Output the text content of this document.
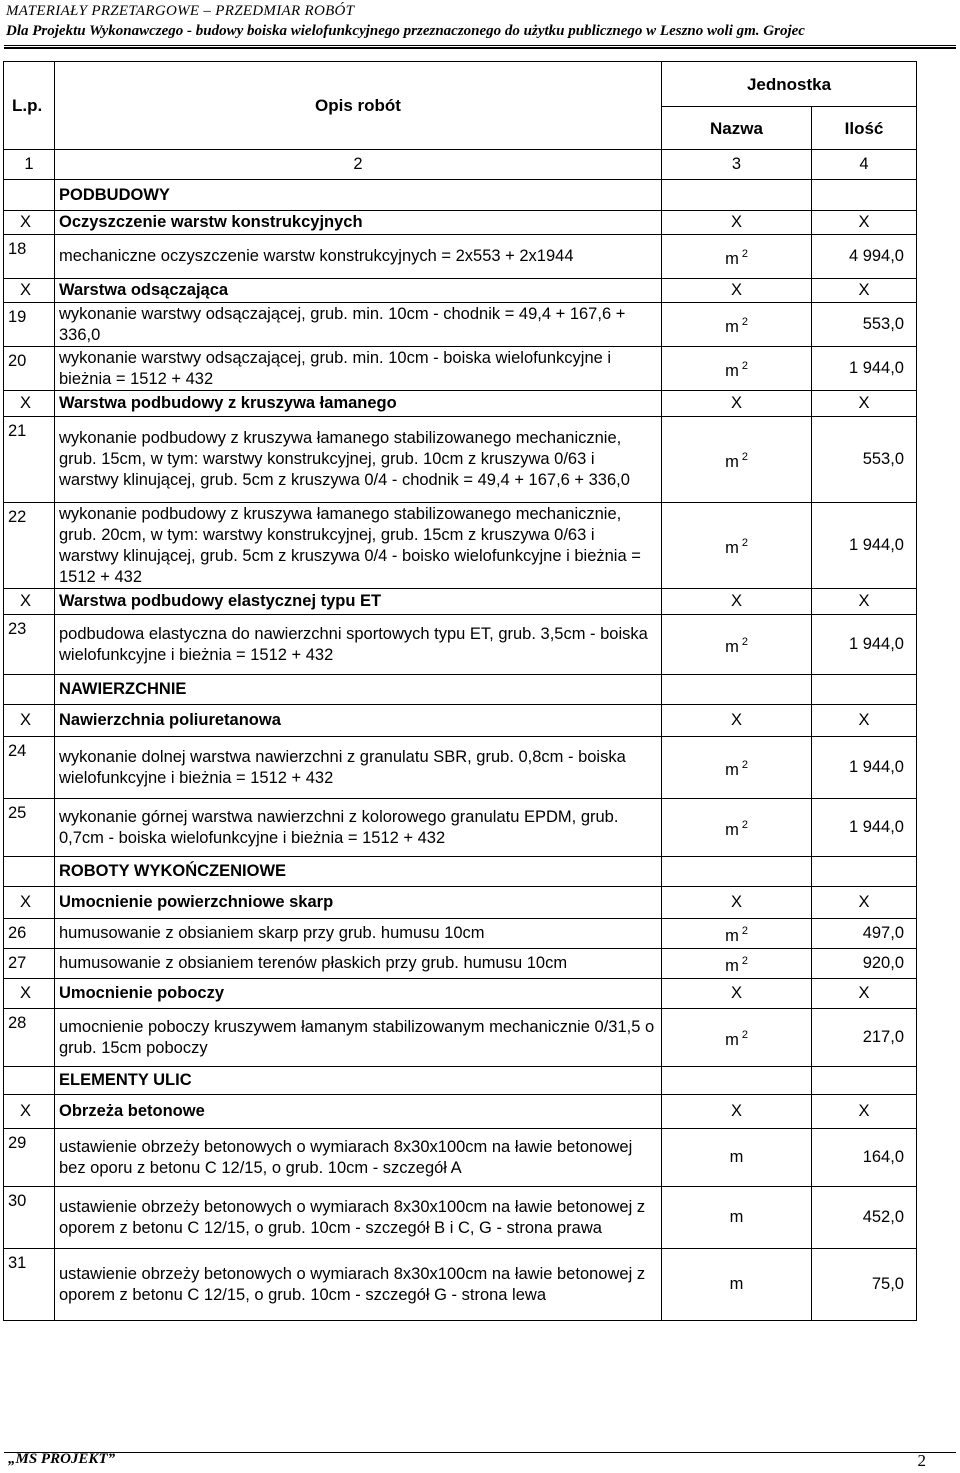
MATERIAŁY PRZETARGOWE – PRZEDMIAR ROBÓT
Dla Projektu Wykonawczego - budowy boiska wielofunkcyjnego przeznaczonego do użytku publicznego w Leszno woli gm. Grojec
L.p.	Opis robót	Jednostka	
		Nazwa	Ilość
1	2	3	4
	PODBUDOWY		
X	Oczyszczenie warstw konstrukcyjnych	X	X
18	mechaniczne oczyszczenie warstw konstrukcyjnych = 2x553 + 2x1944	m $^2$	4 994,0
X	Warstwa odsączająca	X	X
19	wykonanie warstwy odsączającej, grub. min. 10cm - chodnik = 49,4 + 167,6 + 336,0	m $^2$	553,0
20	wykonanie warstwy odsączającej, grub. min. 10cm - boiska wielofunkcyjne i bieżnia = 1512 + 432	m $^2$	1 944,0
X	Warstwa podbudowy z kruszywa łamanego	X	X
21	wykonanie podbudowy z kruszywa łamanego stabilizowanego mechanicznie, grub. 15cm, w tym: warstwy konstrukcyjnej, grub. 10cm z kruszywa 0/63 i warstwy klinującej, grub. 5cm z kruszywa 0/4 - chodnik = 49,4 + 167,6 + 336,0	m $^2$	553,0
22	wykonanie podbudowy z kruszywa łamanego stabilizowanego mechanicznie, grub. 20cm, w tym: warstwy konstrukcyjnej, grub. 15cm z kruszywa 0/63 i warstwy klinującej, grub. 5cm z kruszywa 0/4 - boisko wielofunkcyjne i bieżnia = 1512 + 432	m $^2$	1 944,0
X	Warstwa podbudowy elastycznej typu ET	X	X
23	podbudowa elastyczna do nawierzchni sportowych typu ET, grub. 3,5cm - boiska wielofunkcyjne i bieżnia = 1512 + 432	m $^2$	1 944,0
	NAWIERZCHNIE		
X	Nawierzchnia poliuretanowa	X	X
24	wykonanie dolnej warstwa nawierzchni z granulatu SBR, grub. 0,8cm - boiska wielofunkcyjne i bieżnia = 1512 + 432	m $^2$	1 944,0
25	wykonanie górnej warstwa nawierzchni z kolorowego granulatu EPDM, grub. 0,7cm - boiska wielofunkcyjne i bieżnia = 1512 + 432	m $^2$	1 944,0
	ROBOTY WYKOŃCZENIOWE		
X	Umocnienie powierzchniowe skarp	X	X
26	humusowanie z obsianiem skarp przy grub. humusu 10cm	m $^2$	497,0
27	humusowanie z obsianiem terenów płaskich przy grub. humusu 10cm	m $^2$	920,0
X	Umocnienie poboczy	X	X
28	umocnienie poboczy kruszywem łamanym stabilizowanym mechanicznie 0/31,5 o grub. 15cm poboczy	m $^2$	217,0
	ELEMENTY ULIC		
X	Obrzeża betonowe	X	X
29	ustawienie obrzeży betonowych o wymiarach 8x30x100cm na ławie betonowej bez oporu z betonu C 12/15, o grub. 10cm - szczegół A	m	164,0
30	ustawienie obrzeży betonowych o wymiarach 8x30x100cm na ławie betonowej z oporem z betonu C 12/15, o grub. 10cm - szczegół B i C, G - strona prawa	m	452,0
31	ustawienie obrzeży betonowych o wymiarach 8x30x100cm na ławie betonowej z oporem z betonu C 12/15, o grub. 10cm - szczegół G - strona lewa	m	75,0
„MS PROJEKT”	2
